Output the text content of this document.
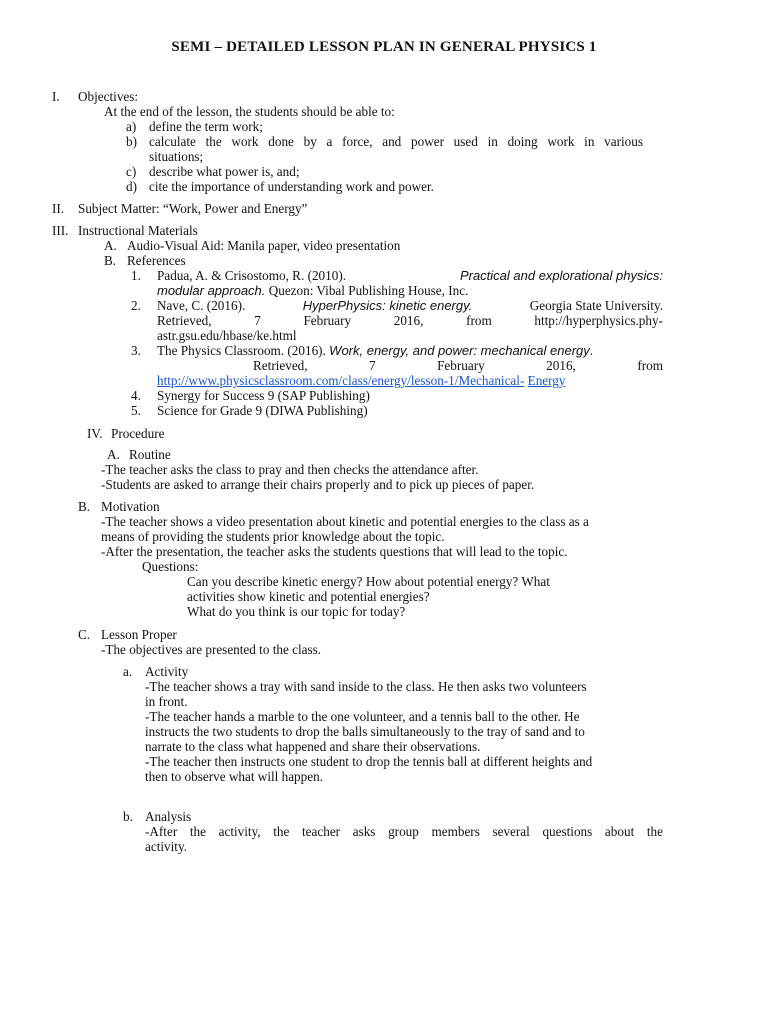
SEMI – DETAILED LESSON PLAN IN GENERAL PHYSICS 1
I. Objectives:
At the end of the lesson, the students should be able to:
a) define the term work;
b) calculate the work done by a force, and power used in doing work in various
situations;
c) describe what power is, and;
d) cite the importance of understanding work and power.
II. Subject Matter: “Work, Power and Energy”
III. Instructional Materials
A. Audio-Visual Aid: Manila paper, video presentation
B. References
1. Padua, A. & Crisostomo, R. (2010).	Practical and explorational physics:
modular approach. Quezon: Vibal Publishing House, Inc.
2. Nave, C. (2016).	HyperPhysics: kinetic energy.	Georgia State University.
Retrieved,	7	February	2016,	from	http://hyperphysics.phy-
astr.gsu.edu/hbase/ke.html
3. The Physics Classroom. (2016). Work, energy, and power: mechanical energy.
Retrieved,	7	February	2016,	from
http://www.physicsclassroom.com/class/energy/lesson-1/Mechanical- Energy
4. Synergy for Success 9 (SAP Publishing)
5. Science for Grade 9 (DIWA Publishing)
IV. Procedure
A. Routine
-The teacher asks the class to pray and then checks the attendance after.
-Students are asked to arrange their chairs properly and to pick up pieces of paper.
B. Motivation
-The teacher shows a video presentation about kinetic and potential energies to the class as a
means of providing the students prior knowledge about the topic.
-After the presentation, the teacher asks the students questions that will lead to the topic.
Questions:
Can you describe kinetic energy? How about potential energy? What
activities show kinetic and potential energies?
What do you think is our topic for today?
C. Lesson Proper
-The objectives are presented to the class.
a. Activity
-The teacher shows a tray with sand inside to the class. He then asks two volunteers
in front.
-The teacher hands a marble to the one volunteer, and a tennis ball to the other. He
instructs the two students to drop the balls simultaneously to the tray of sand and to
narrate to the class what happened and share their observations.
-The teacher then instructs one student to drop the tennis ball at different heights and
then to observe what will happen.
b. Analysis
-After the activity, the teacher asks group members several questions about the
activity.
